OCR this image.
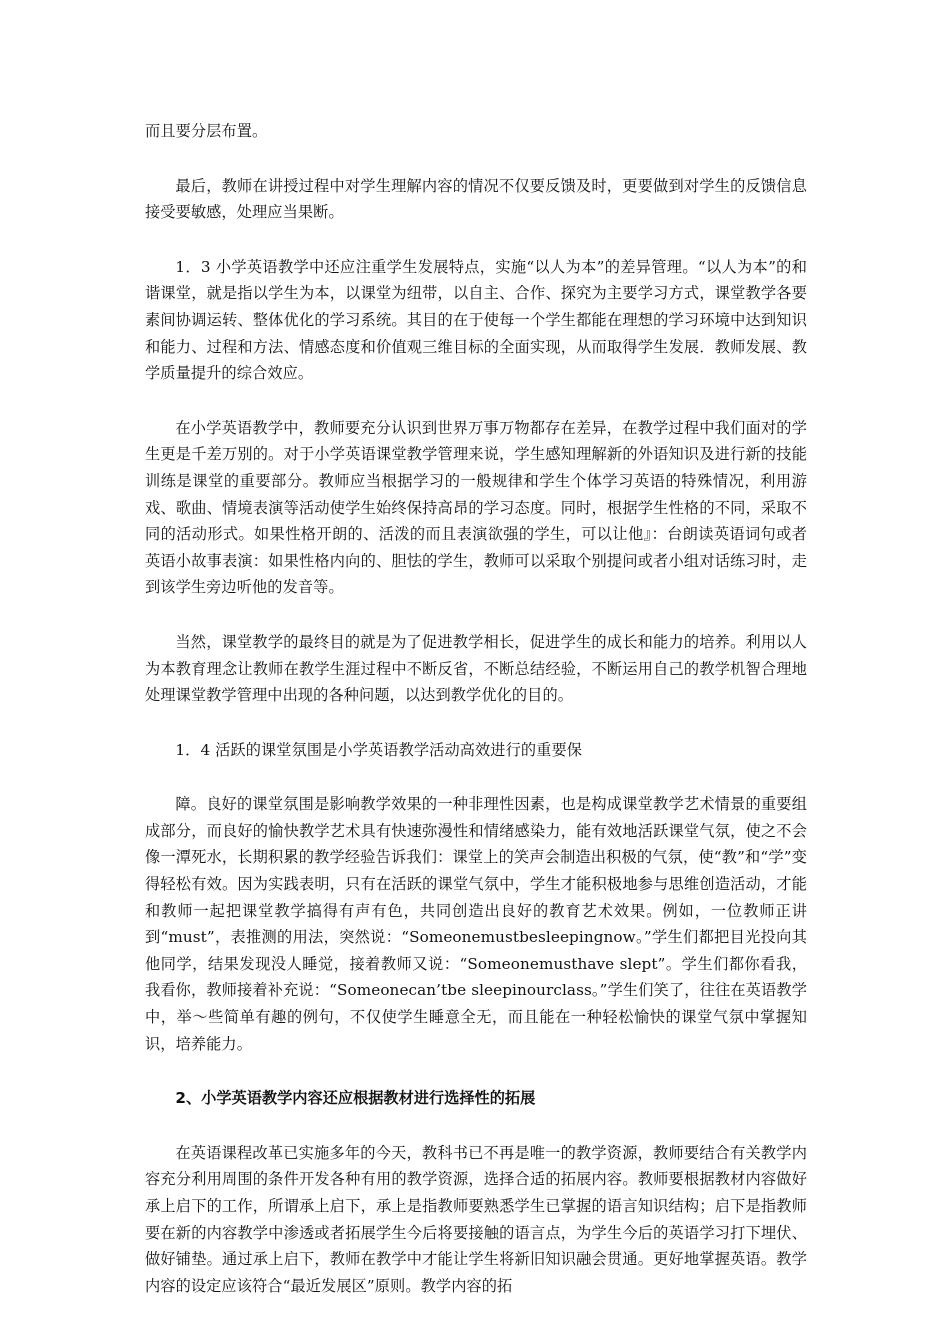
而且要分层布置。

最后，教师在讲授过程中对学生理解内容的情况不仅要反馈及时，更要做到对学生的反馈信息接受要敏感，处理应当果断。

1．3 小学英语教学中还应注重学生发展特点，实施“以人为本”的差异管理。“以人为本”的和谐课堂，就是指以学生为本，以课堂为纽带，以自主、合作、探究为主要学习方式，课堂教学各要素间协调运转、整体优化的学习系统。其目的在于使每一个学生都能在理想的学习环境中达到知识和能力、过程和方法、情感态度和价值观三维目标的全面实现，从而取得学生发展．教师发展、教学质量提升的综合效应。

在小学英语教学中，教师要充分认识到世界万事万物都存在差异，在教学过程中我们面对的学生更是千差万别的。对于小学英语课堂教学管理来说，学生感知理解新的外语知识及进行新的技能训练是课堂的重要部分。教师应当根据学习的一般规律和学生个体学习英语的特殊情况，利用游戏、歌曲、情境表演等活动使学生始终保持高昂的学习态度。同时，根据学生性格的不同，采取不同的活动形式。如果性格开朗的、活泼的而且表演欲强的学生，可以让他』：台朗读英语词句或者英语小故事表演：如果性格内向的、胆怯的学生，教师可以采取个别提问或者小组对话练习时，走到该学生旁边听他的发音等。

当然，课堂教学的最终目的就是为了促进教学相长，促进学生的成长和能力的培养。利用以人为本教育理念让教师在教学生涯过程中不断反省，不断总结经验，不断运用自己的教学机智合理地处理课堂教学管理中出现的各种问题，以达到教学优化的目的。

1．4 活跃的课堂氛围是小学英语教学活动高效进行的重要保

障。良好的课堂氛围是影响教学效果的一种非理性因素，也是构成课堂教学艺术情景的重要组成部分，而良好的愉快教学艺术具有快速弥漫性和情绪感染力，能有效地活跃课堂气氛，使之不会像一潭死水，长期积累的教学经验告诉我们：课堂上的笑声会制造出积极的气氛，使“教”和“学”变得轻松有效。因为实践表明，只有在活跃的课堂气氛中，学生才能积极地参与思维创造活动，才能和教师一起把课堂教学搞得有声有色，共同创造出良好的教育艺术效果。例如，一位教师正讲到“must”，表推测的用法，突然说：“Someonemustbesleepingnow。”学生们都把目光投向其他同学，结果发现没人睡觉，接着教师又说：“Someonemusthave slept”。学生们都你看我，我看你，教师接着补充说：“Someonecan’tbe sleepinourclass。”学生们笑了，往往在英语教学中，举～些简单有趣的例句，不仅使学生睡意全无，而且能在一种轻松愉快的课堂气氛中掌握知识，培养能力。

2、小学英语教学内容还应根据教材进行选择性的拓展

在英语课程改革已实施多年的今天，教科书已不再是唯一的教学资源，教师要结合有关教学内容充分利用周围的条件开发各种有用的教学资源，选择合适的拓展内容。教师要根据教材内容做好承上启下的工作，所谓承上启下，承上是指教师要熟悉学生已掌握的语言知识结构；启下是指教师要在新的内容教学中渗透或者拓展学生今后将要接触的语言点，为学生今后的英语学习打下埋伏、做好铺垫。通过承上启下，教师在教学中才能让学生将新旧知识融会贯通。更好地掌握英语。教学内容的设定应该符合“最近发展区”原则。教学内容的拓
